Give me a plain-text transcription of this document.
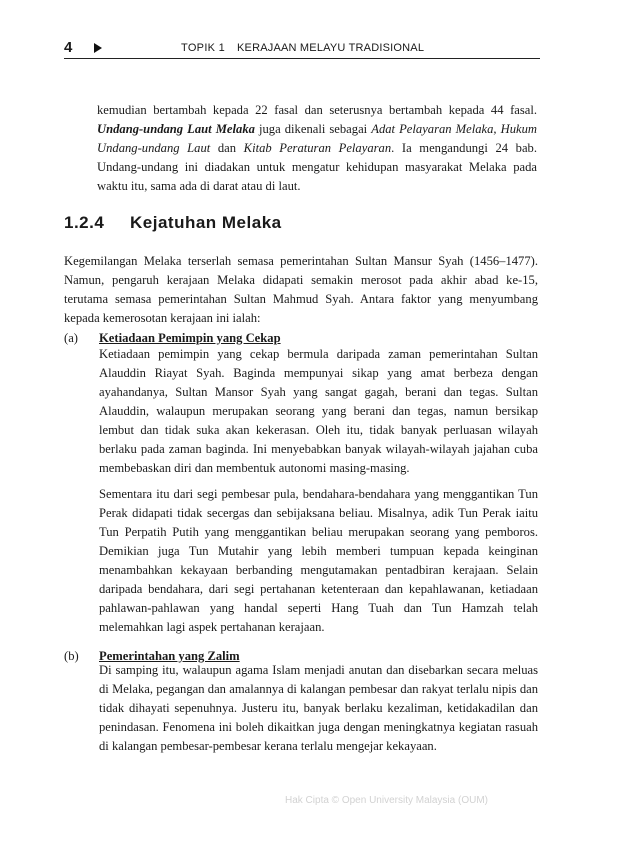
4	TOPIK 1 KERAJAAN MELAYU TRADISIONAL
kemudian bertambah kepada 22 fasal dan seterusnya bertambah kepada 44 fasal. Undang-undang Laut Melaka juga dikenali sebagai Adat Pelayaran Melaka, Hukum Undang-undang Laut dan Kitab Peraturan Pelayaran. Ia mengandungi 24 bab. Undang-undang ini diadakan untuk mengatur kehidupan masyarakat Melaka pada waktu itu, sama ada di darat atau di laut.
1.2.4 Kejatuhan Melaka
Kegemilangan Melaka terserlah semasa pemerintahan Sultan Mansur Syah (1456–1477). Namun, pengaruh kerajaan Melaka didapati semakin merosot pada akhir abad ke-15, terutama semasa pemerintahan Sultan Mahmud Syah. Antara faktor yang menyumbang kepada kemerosotan kerajaan ini ialah:
(a) Ketiadaan Pemimpin yang Cekap
Ketiadaan pemimpin yang cekap bermula daripada zaman pemerintahan Sultan Alauddin Riayat Syah. Baginda mempunyai sikap yang amat berbeza dengan ayahandanya, Sultan Mansor Syah yang sangat gagah, berani dan tegas. Sultan Alauddin, walaupun merupakan seorang yang berani dan tegas, namun bersikap lembut dan tidak suka akan kekerasan. Oleh itu, tidak banyak perluasan wilayah berlaku pada zaman baginda. Ini menyebabkan banyak wilayah-wilayah jajahan cuba membebaskan diri dan membentuk autonomi masing-masing.
Sementara itu dari segi pembesar pula, bendahara-bendahara yang menggantikan Tun Perak didapati tidak secergas dan sebijaksana beliau. Misalnya, adik Tun Perak iaitu Tun Perpatih Putih yang menggantikan beliau merupakan seorang yang pemboros. Demikian juga Tun Mutahir yang lebih memberi tumpuan kepada keinginan menambahkan kekayaan berbanding mengutamakan pentadbiran kerajaan. Selain daripada bendahara, dari segi pertahanan ketenteraan dan kepahlawanan, ketiadaan pahlawan-pahlawan yang handal seperti Hang Tuah dan Tun Hamzah telah melemahkan lagi aspek pertahanan kerajaan.
(b) Pemerintahan yang Zalim
Di samping itu, walaupun agama Islam menjadi anutan dan disebarkan secara meluas di Melaka, pegangan dan amalannya di kalangan pembesar dan rakyat terlalu nipis dan tidak dihayati sepenuhnya. Justeru itu, banyak berlaku kezaliman, ketidakadilan dan penindasan. Fenomena ini boleh dikaitkan juga dengan meningkatnya kegiatan rasuah di kalangan pembesar-pembesar kerana terlalu mengejar kekayaan.
Hak Cipta © Open University Malaysia (OUM)
